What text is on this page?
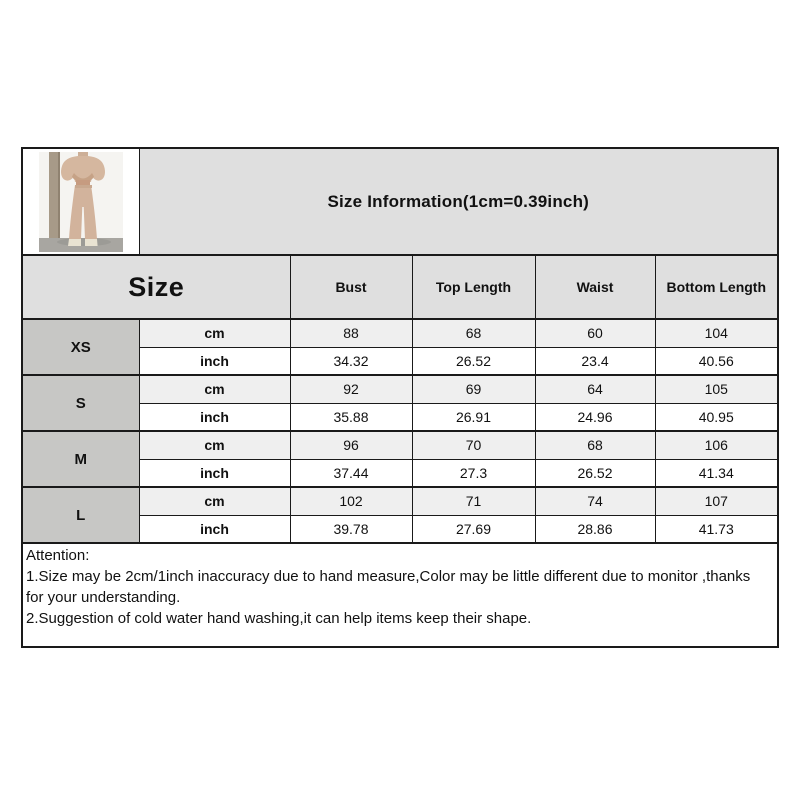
	Size Information(1cm=0.39inch)				
Size		Bust	Top Length	Waist	Bottom Length
XS	cm	88	68	60	104
	inch	34.32	26.52	23.4	40.56
S	cm	92	69	64	105
	inch	35.88	26.91	24.96	40.95
M	cm	96	70	68	106
	inch	37.44	27.3	26.52	41.34
L	cm	102	71	74	107
	inch	39.78	27.69	28.86	41.73

Attention:
1.Size may be 2cm/1inch inaccuracy due to hand measure,Color may be little different due to monitor ,thanks for your understanding.
2.Suggestion of cold water hand washing,it can help items keep their shape.					
